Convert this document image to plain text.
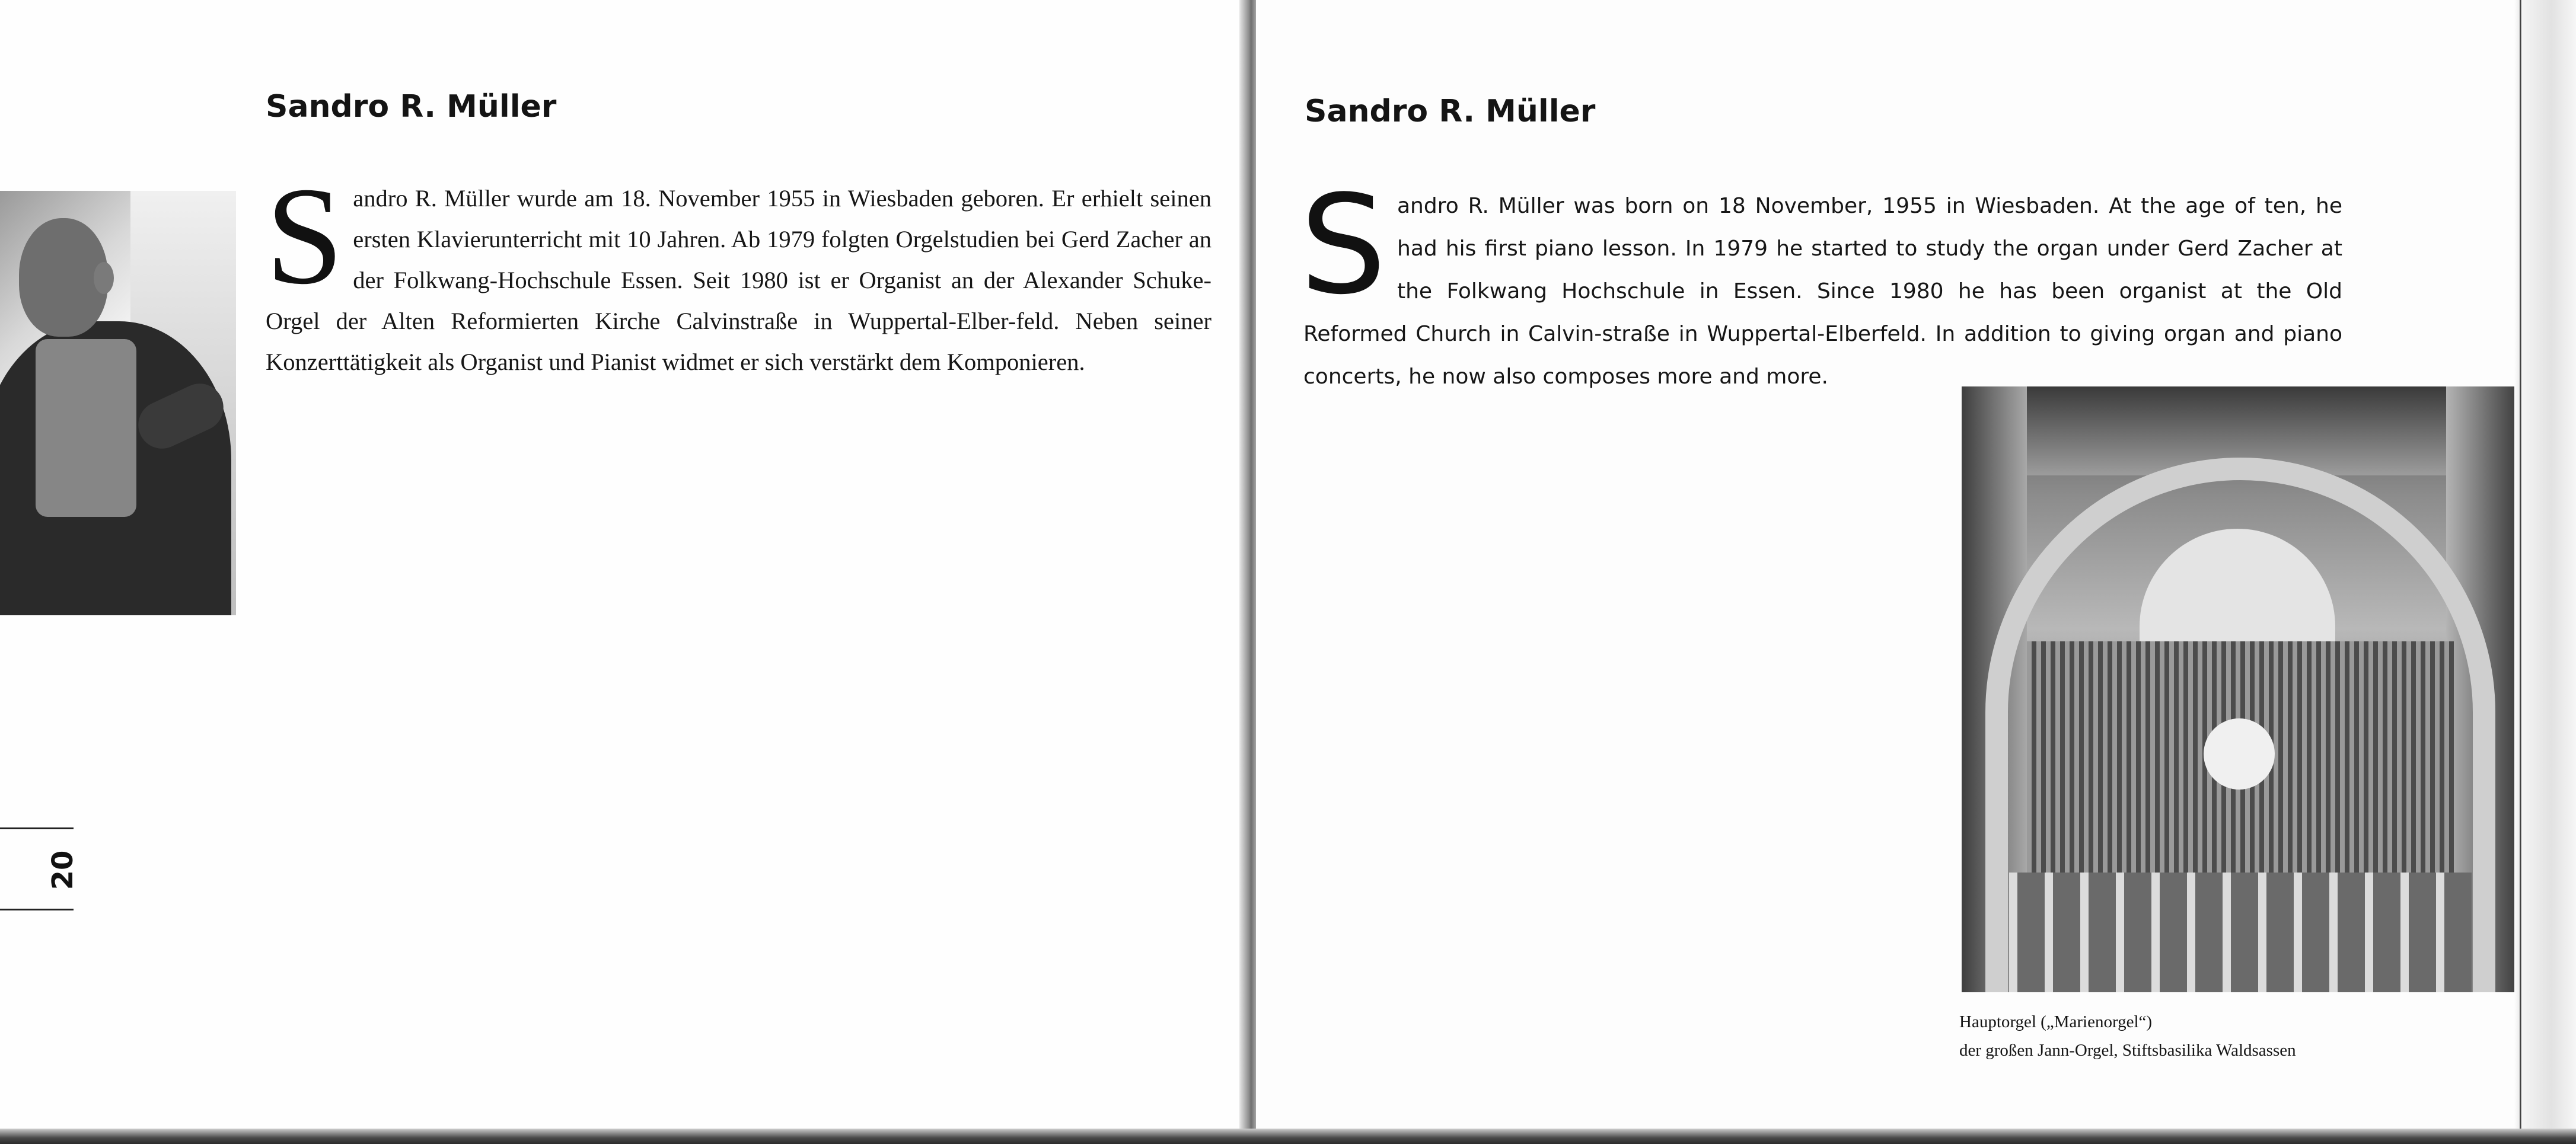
Sandro R. Müller

Sandro R. Müller wurde am 18. November 1955 in Wiesbaden geboren. Er erhielt seinen ersten Klavierunterricht mit 10 Jahren. Ab 1979 folgten Orgelstudien bei Gerd Zacher an der Folkwang-Hochschule Essen. Seit 1980 ist er Organist an der Alexander Schuke-Orgel der Alten Reformierten Kirche Calvinstraße in Wuppertal-Elber-feld. Neben seiner Konzerttätigkeit als Organist und Pianist widmet er sich verstärkt dem Komponieren.

20
Sandro R. Müller

Sandro R. Müller was born on 18 November, 1955 in Wiesbaden. At the age of ten, he had his first piano lesson. In 1979 he started to study the organ under Gerd Zacher at the Folkwang Hochschule in Essen. Since 1980 he has been organist at the Old Reformed Church in Calvin-straße in Wuppertal-Elberfeld. In addition to giving organ and piano concerts, he now also composes more and more.

Hauptorgel („Marienorgel“)
der großen Jann-Orgel, Stiftsbasilika Waldsassen
